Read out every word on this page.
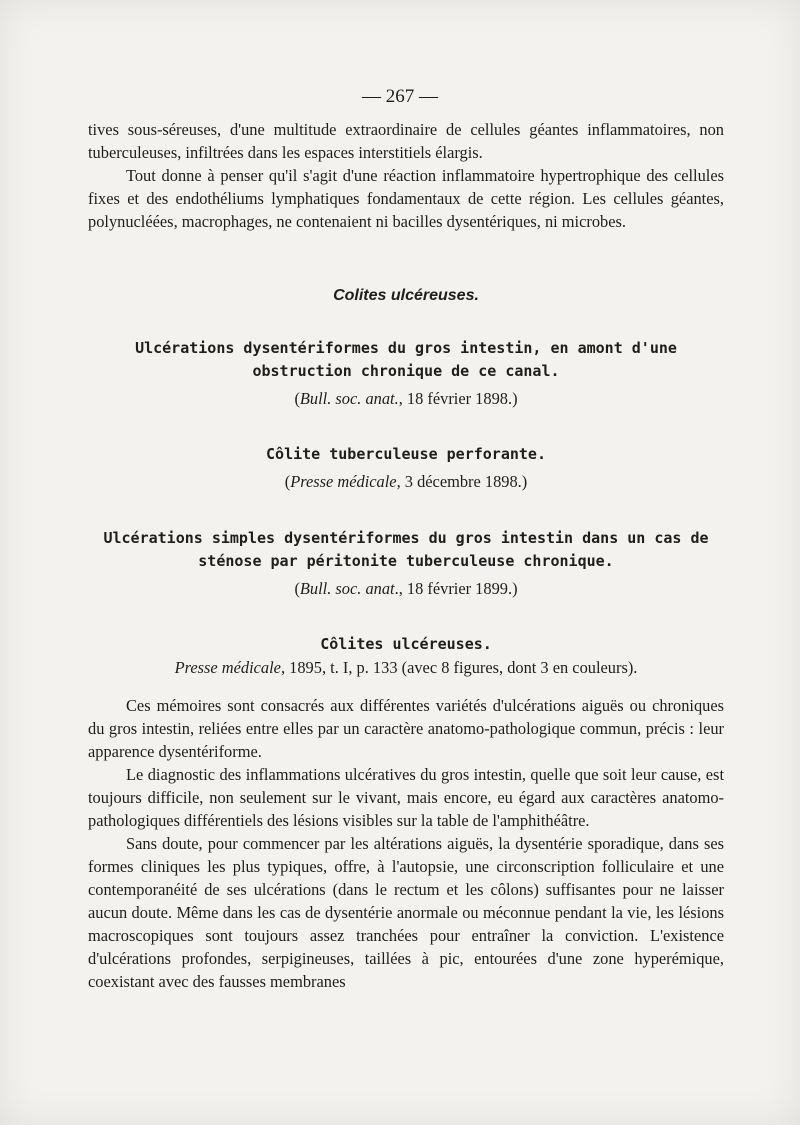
— 267 —

tives sous-séreuses, d'une multitude extraordinaire de cellules géantes inflammatoires, non tuberculeuses, infiltrées dans les espaces interstitiels élargis.

Tout donne à penser qu'il s'agit d'une réaction inflammatoire hypertrophique des cellules fixes et des endothéliums lymphatiques fondamentaux de cette région. Les cellules géantes, polynucléées, macrophages, ne contenaient ni bacilles dysentériques, ni microbes.

Colites ulcéreuses.
Ulcérations dysentériformes du gros intestin, en amont d'une obstruction chronique de ce canal.
(Bull. soc. anat., 18 février 1898.)
Côlite tuberculeuse perforante.
(Presse médicale, 3 décembre 1898.)
Ulcérations simples dysentériformes du gros intestin dans un cas de sténose par péritonite tuberculeuse chronique.
(Bull. soc. anat., 18 février 1899.)
Côlites ulcéreuses.
Presse médicale, 1895, t. I, p. 133 (avec 8 figures, dont 3 en couleurs).

Ces mémoires sont consacrés aux différentes variétés d'ulcérations aiguës ou chroniques du gros intestin, reliées entre elles par un caractère anatomo-pathologique commun, précis : leur apparence dysentériforme.

Le diagnostic des inflammations ulcératives du gros intestin, quelle que soit leur cause, est toujours difficile, non seulement sur le vivant, mais encore, eu égard aux caractères anatomo-pathologiques différentiels des lésions visibles sur la table de l'amphithéâtre.

Sans doute, pour commencer par les altérations aiguës, la dysentérie sporadique, dans ses formes cliniques les plus typiques, offre, à l'autopsie, une circonscription folliculaire et une contemporanéité de ses ulcérations (dans le rectum et les côlons) suffisantes pour ne laisser aucun doute. Même dans les cas de dysentérie anormale ou méconnue pendant la vie, les lésions macroscopiques sont toujours assez tranchées pour entraîner la conviction. L'existence d'ulcérations profondes, serpigineuses, taillées à pic, entourées d'une zone hyperémique, coexistant avec des fausses membranes
